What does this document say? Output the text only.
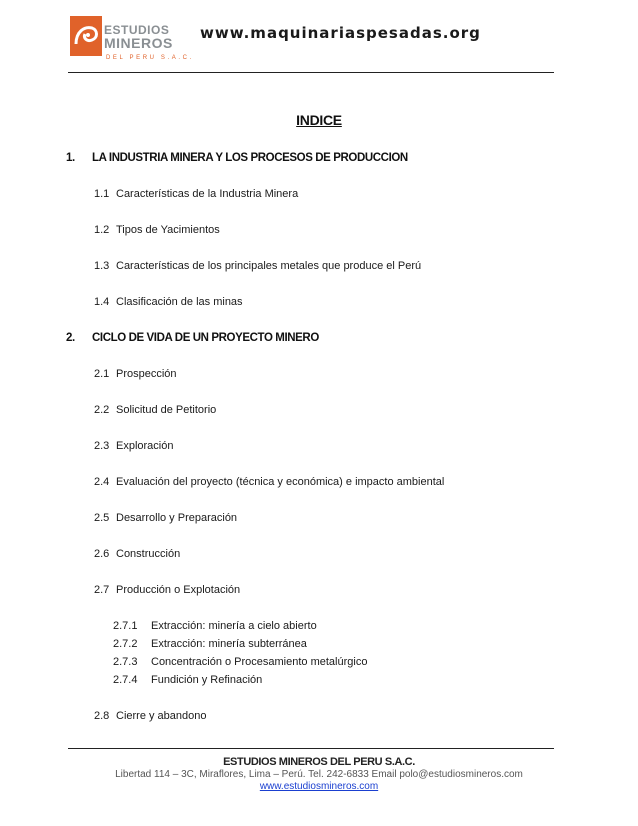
ESTUDIOS
MINEROS
DEL PERU S.A.C.
www.maquinariaspesadas.org
INDICE
1. LA INDUSTRIA MINERA Y LOS PROCESOS DE PRODUCCION
1.1 Características de la Industria Minera
1.2 Tipos de Yacimientos
1.3 Características de los principales metales que produce el Perú
1.4 Clasificación de las minas
2. CICLO DE VIDA DE UN PROYECTO MINERO
2.1 Prospección
2.2 Solicitud de Petitorio
2.3 Exploración
2.4 Evaluación del proyecto (técnica y económica) e impacto ambiental
2.5 Desarrollo y Preparación
2.6 Construcción
2.7 Producción o Explotación
2.7.1 Extracción: minería a cielo abierto
2.7.2 Extracción: minería subterránea
2.7.3 Concentración o Procesamiento metalúrgico
2.7.4 Fundición y Refinación
2.8 Cierre y abandono
ESTUDIOS MINEROS DEL PERU S.A.C.
Libertad 114 – 3C, Miraflores, Lima – Perú. Tel. 242-6833 Email polo@estudiosmineros.com
www.estudiosmineros.com
